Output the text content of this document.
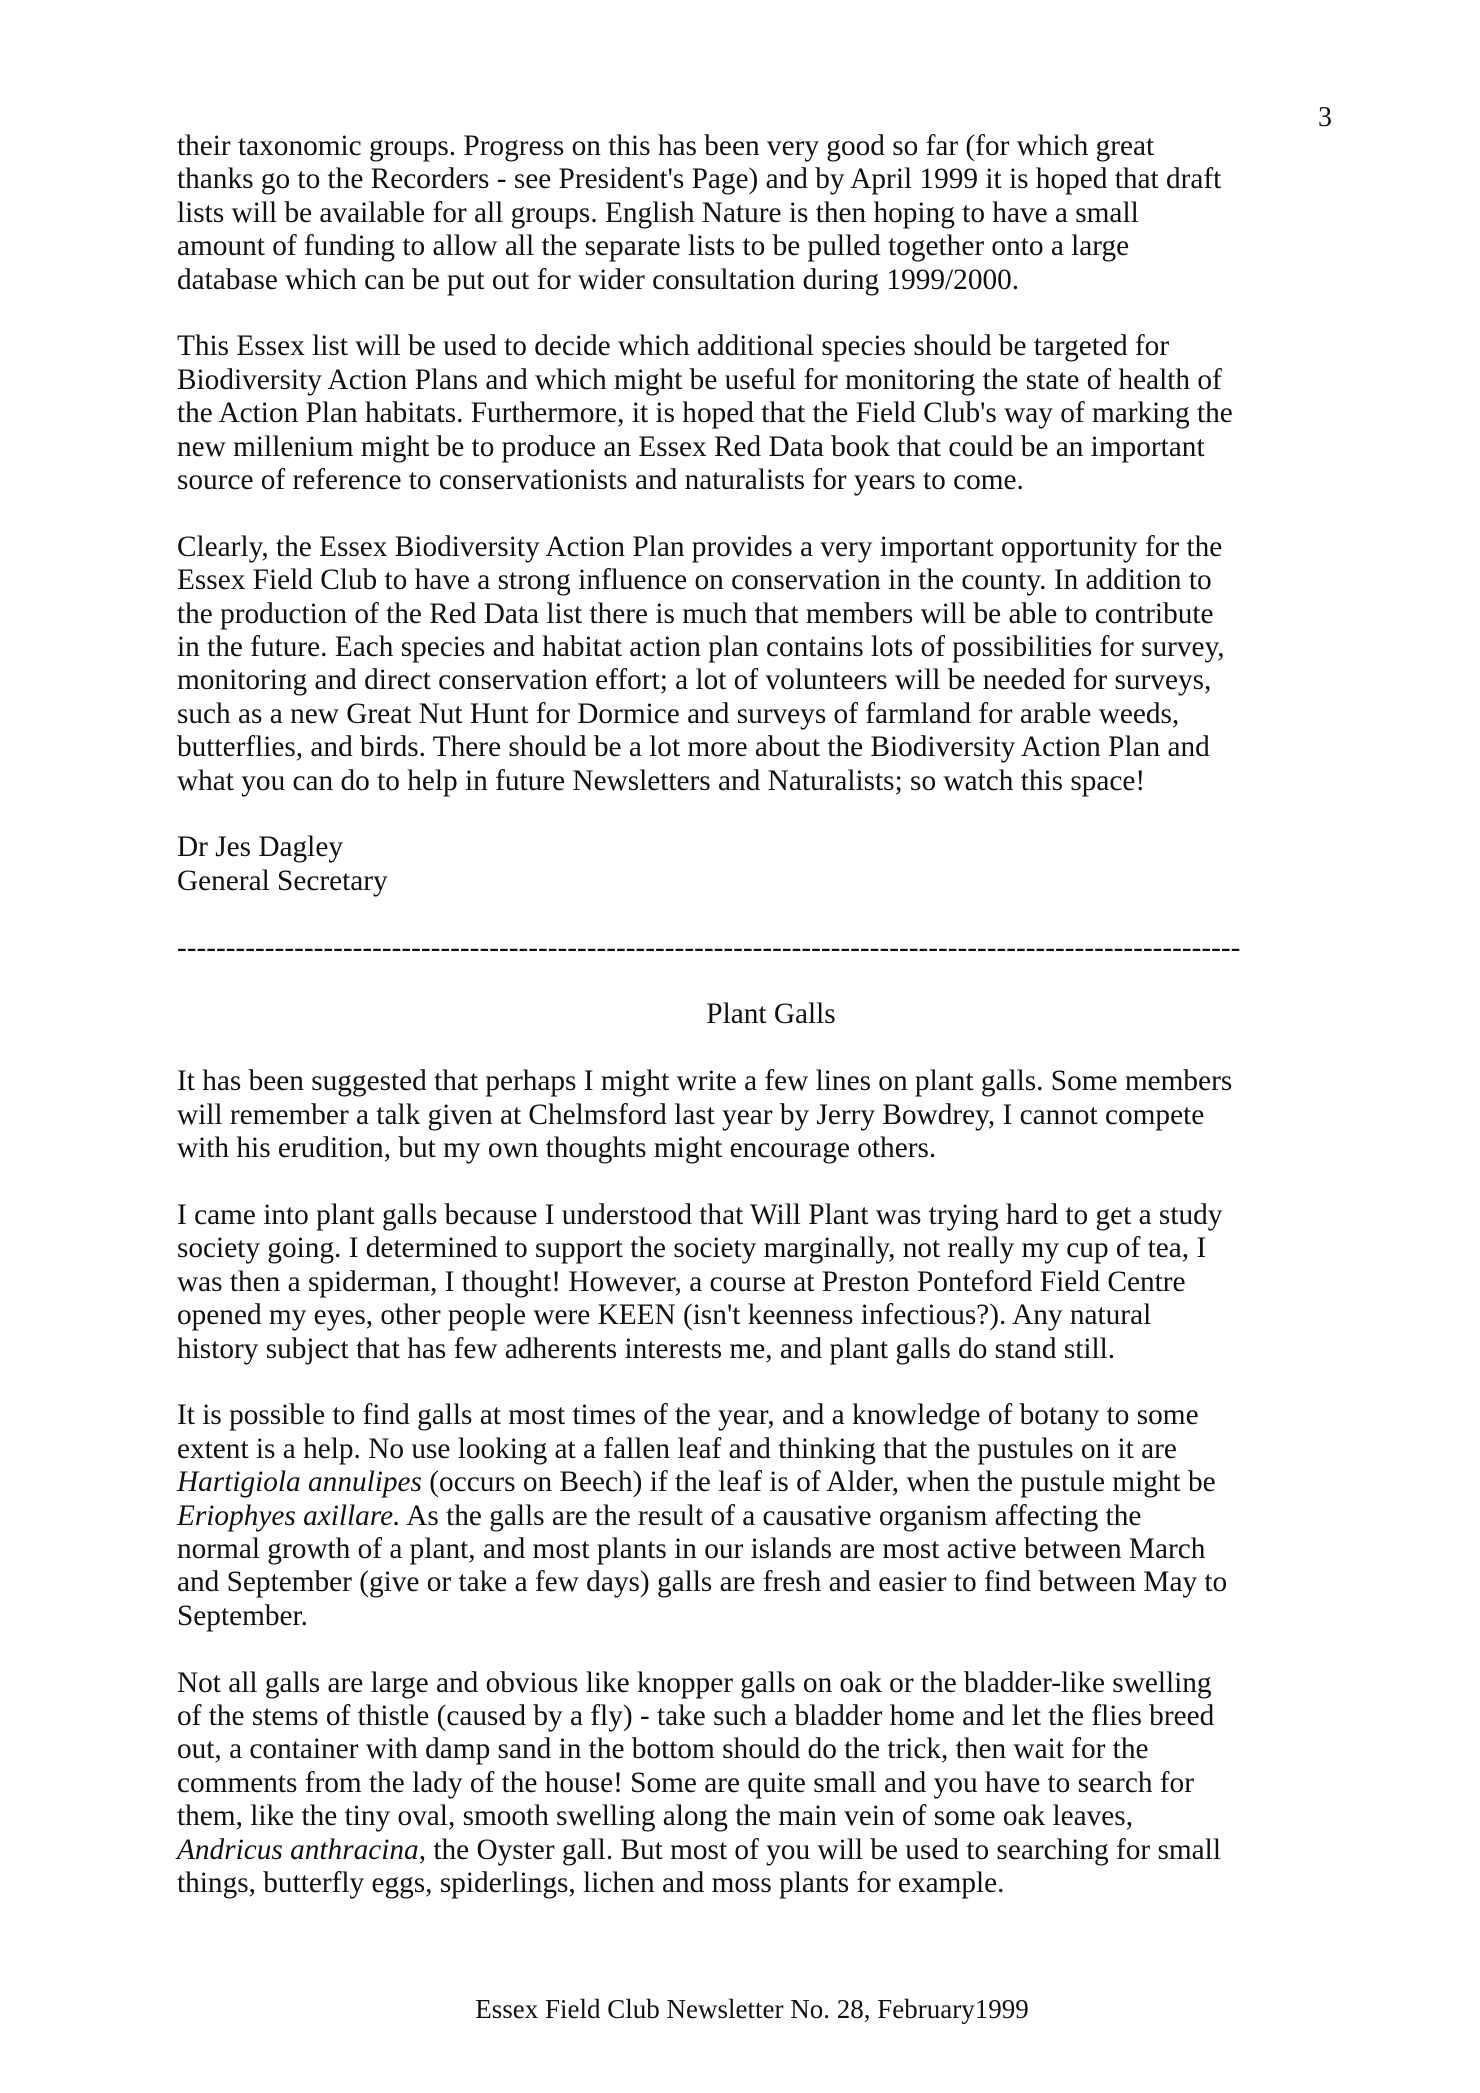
3

their taxonomic groups. Progress on this has been very good so far (for which great
thanks go to the Recorders - see President's Page) and by April 1999 it is hoped that draft
lists will be available for all groups. English Nature is then hoping to have a small
amount of funding to allow all the separate lists to be pulled together onto a large
database which can be put out for wider consultation during 1999/2000.

This Essex list will be used to decide which additional species should be targeted for
Biodiversity Action Plans and which might be useful for monitoring the state of health of
the Action Plan habitats. Furthermore, it is hoped that the Field Club's way of marking the
new millenium might be to produce an Essex Red Data book that could be an important
source of reference to conservationists and naturalists for years to come.

Clearly, the Essex Biodiversity Action Plan provides a very important opportunity for the
Essex Field Club to have a strong influence on conservation in the county. In addition to
the production of the Red Data list there is much that members will be able to contribute
in the future. Each species and habitat action plan contains lots of possibilities for survey,
monitoring and direct conservation effort; a lot of volunteers will be needed for surveys,
such as a new Great Nut Hunt for Dormice and surveys of farmland for arable weeds,
butterflies, and birds. There should be a lot more about the Biodiversity Action Plan and
what you can do to help in future Newsletters and Naturalists; so watch this space!

Dr Jes Dagley
General Secretary
-------------------------------------------------------------------------------------------------------------
Plant Galls

It has been suggested that perhaps I might write a few lines on plant galls. Some members
will remember a talk given at Chelmsford last year by Jerry Bowdrey, I cannot compete
with his erudition, but my own thoughts might encourage others.

I came into plant galls because I understood that Will Plant was trying hard to get a study
society going. I determined to support the society marginally, not really my cup of tea, I
was then a spiderman, I thought! However, a course at Preston Ponteford Field Centre
opened my eyes, other people were KEEN (isn't keenness infectious?). Any natural
history subject that has few adherents interests me, and plant galls do stand still.

It is possible to find galls at most times of the year, and a knowledge of botany to some
extent is a help. No use looking at a fallen leaf and thinking that the pustules on it are
Hartigiola annulipes (occurs on Beech) if the leaf is of Alder, when the pustule might be
Eriophyes axillare. As the galls are the result of a causative organism affecting the
normal growth of a plant, and most plants in our islands are most active between March
and September (give or take a few days) galls are fresh and easier to find between May to
September.

Not all galls are large and obvious like knopper galls on oak or the bladder-like swelling
of the stems of thistle (caused by a fly) - take such a bladder home and let the flies breed
out, a container with damp sand in the bottom should do the trick, then wait for the
comments from the lady of the house! Some are quite small and you have to search for
them, like the tiny oval, smooth swelling along the main vein of some oak leaves,
Andricus anthracina, the Oyster gall. But most of you will be used to searching for small
things, butterfly eggs, spiderlings, lichen and moss plants for example.

Essex Field Club Newsletter No. 28, February1999
